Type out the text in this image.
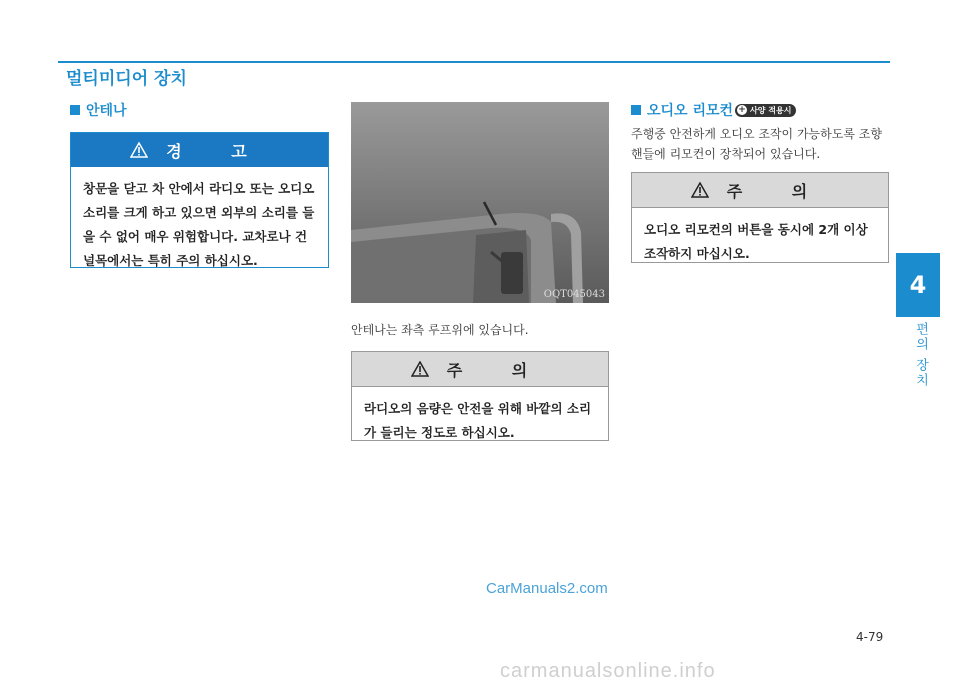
멀티미디어 장치
안테나
경 고
창문을 닫고 차 안에서 라디오 또는 오디오 소리를 크게 하고 있으면 외부의 소리를 들을 수 없어 매우 위험합니다. 교차로나 건널목에서는 특히 주의 하십시오.
OQT045043
안테나는 좌측 루프위에 있습니다.
주 의
라디오의 음량은 안전을 위해 바깥의 소리가 들리는 정도로 하십시오.
오디오 리모컨 + 사양 적용시
주행중 안전하게 오디오 조작이 가능하도록 조향 핸들에 리모컨이 장착되어 있습니다.
주 의
오디오 리모컨의 버튼을 동시에 2개 이상 조작하지 마십시오.
4
편의 장치
CarManuals2.com
4-79
carmanualsonline.info
